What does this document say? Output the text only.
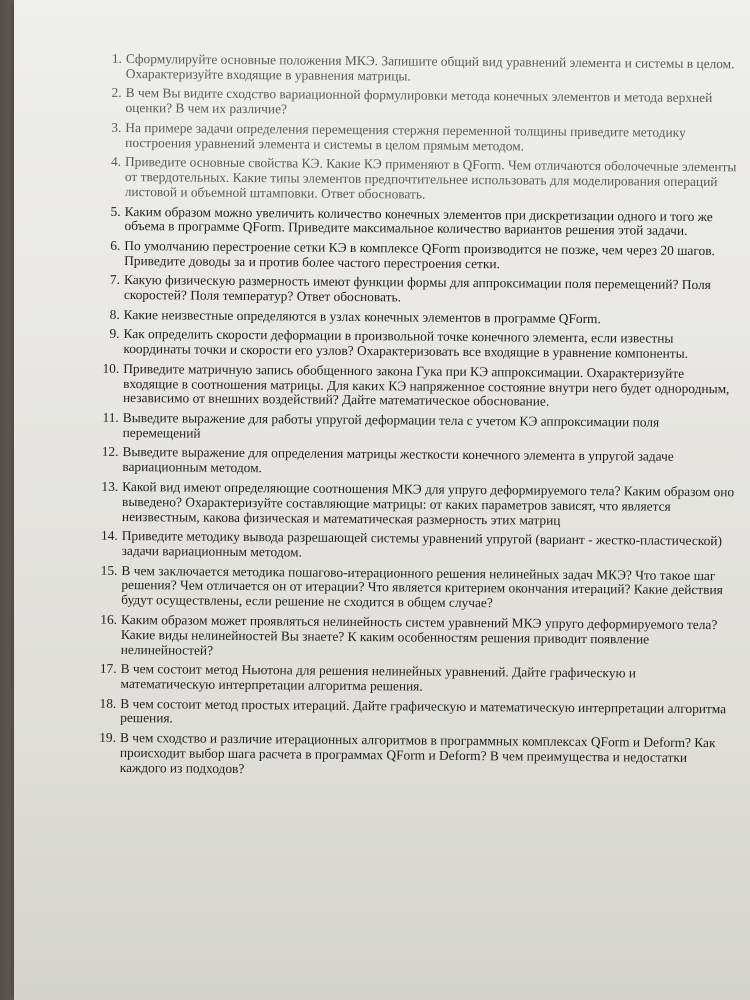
1. Сформулируйте основные положения МКЭ. Запишите общий вид уравнений элемента и системы в целом. Охарактеризуйте входящие в уравнения матрицы.
2. В чем Вы видите сходство вариационной формулировки метода конечных элементов и метода верхней оценки? В чем их различие?
3. На примере задачи определения перемещения стержня переменной толщины приведите методику построения уравнений элемента и системы в целом прямым методом.
4. Приведите основные свойства КЭ. Какие КЭ применяют в QForm. Чем отличаются оболочечные элементы от твердотельных. Какие типы элементов предпочтительнее использовать для моделирования операций листовой и объемной штамповки. Ответ обосновать.
5. Каким образом можно увеличить количество конечных элементов при дискретизации одного и того же объема в программе QForm. Приведите максимальное количество вариантов решения этой задачи.
6. По умолчанию перестроение сетки КЭ в комплексе QForm производится не позже, чем через 20 шагов. Приведите доводы за и против более частого перестроения сетки.
7. Какую физическую размерность имеют функции формы для аппроксимации поля перемещений? Поля скоростей? Поля температур? Ответ обосновать.
8. Какие неизвестные определяются в узлах конечных элементов в программе QForm.
9. Как определить скорости деформации в произвольной точке конечного элемента, если известны координаты точки и скорости его узлов? Охарактеризовать все входящие в уравнение компоненты.
10. Приведите матричную запись обобщенного закона Гука при КЭ аппроксимации. Охарактеризуйте входящие в соотношения матрицы. Для каких КЭ напряженное состояние внутри него будет однородным, независимо от внешних воздействий? Дайте математическое обоснование.
11. Выведите выражение для работы упругой деформации тела с учетом КЭ аппроксимации поля перемещений
12. Выведите выражение для определения матрицы жесткости конечного элемента в упругой задаче вариационным методом.
13. Какой вид имеют определяющие соотношения МКЭ для упруго деформируемого тела? Каким образом оно выведено? Охарактеризуйте составляющие матрицы: от каких параметров зависят, что является неизвестным, какова физическая и математическая размерность этих матриц
14. Приведите методику вывода разрешающей системы уравнений упругой (вариант - жестко-пластической) задачи вариационным методом.
15. В чем заключается методика пошагово-итерационного решения нелинейных задач МКЭ? Что такое шаг решения? Чем отличается он от итерации? Что является критерием окончания итераций? Какие действия будут осуществлены, если решение не сходится в общем случае?
16. Каким образом может проявляться нелинейность систем уравнений МКЭ упруго деформируемого тела? Какие виды нелинейностей Вы знаете? К каким особенностям решения приводит появление нелинейностей?
17. В чем состоит метод Ньютона для решения нелинейных уравнений. Дайте графическую и математическую интерпретации алгоритма решения.
18. В чем состоит метод простых итераций. Дайте графическую и математическую интерпретации алгоритма решения.
19. В чем сходство и различие итерационных алгоритмов в программных комплексах QForm и Deform? Как происходит выбор шага расчета в программах QForm и Deform? В чем преимущества и недостатки каждого из подходов?
